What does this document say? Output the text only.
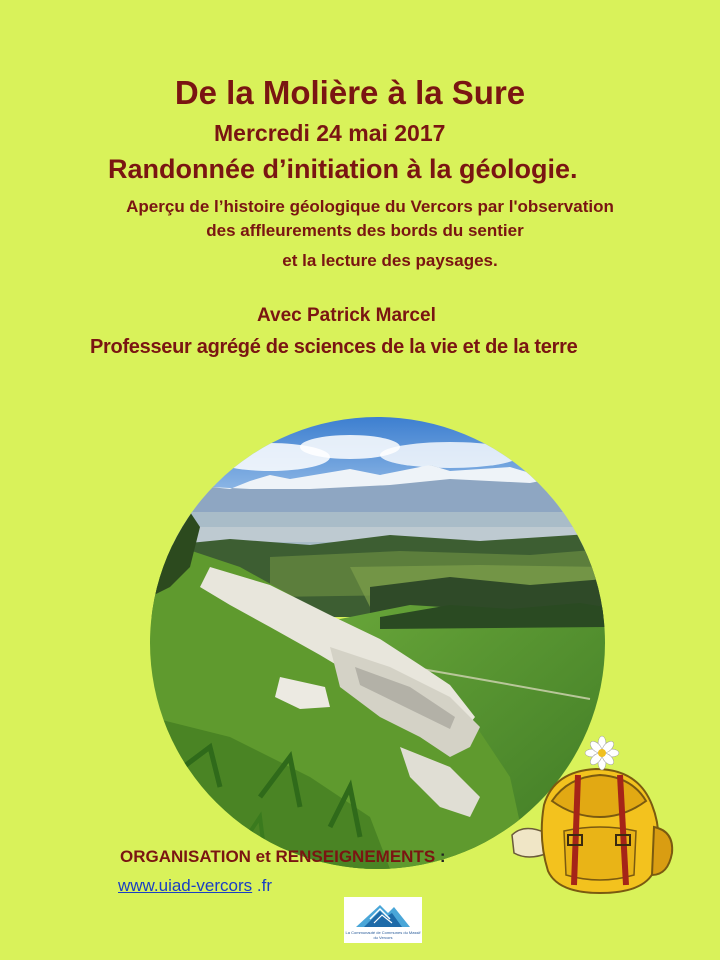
De la Molière à la Sure
Mercredi 24 mai 2017
Randonnée d’initiation à la géologie.
Aperçu de l’histoire géologique du Vercors par l'observation
des affleurements des bords du sentier
et la lecture des paysages.
Avec Patrick Marcel
Professeur agrégé de sciences de la vie et de la terre
ORGANISATION et RENSEIGNEMENTS :
www.uiad-vercors .fr
La Communauté de Communes du Massif du Vercors
